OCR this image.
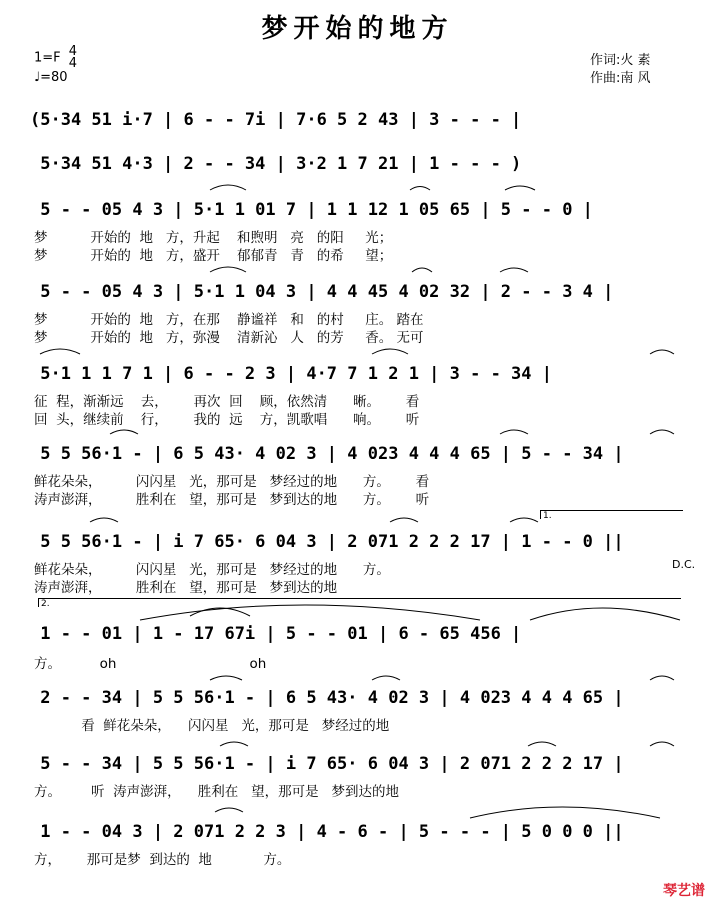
梦开始的地方
1=F 4
4
♩=80
作词:火 素
作曲:南 风
(5·34 51 i·7 | 6 - - 7i | 7·6 5 2 43 | 3 - - - |
5·34 51 4·3 | 2 - - 34 | 3·2 1 7 21 | 1 - - - )
5 - - 05 4 3 | 5·1 1 01 7 | 1 1 12 1 05 65 | 5 - - 0 |
梦          开始的  地   方，升起    和煦明   亮   的阳     光；
梦          开始的  地   方，盛开    郁郁青   青   的希     望；
5 - - 05 4 3 | 5·1 1 04 3 | 4 4 45 4 02 32 | 2 - - 3 4 |
梦          开始的  地   方，在那    静谧祥   和   的村     庄。 踏在
梦          开始的  地   方，弥漫    清新沁   人   的芳     香。 无可
5·1 1 1 7 1 | 6 - - 2 3 | 4·7 7 1 2 1 | 3 - - 34 |
征  程，渐渐远    去，      再次  回    顾，依然清      晰。      看
回  头，继续前    行，      我的  远    方，凯歌唱      响。      听
5 5 56·1 - | 6 5 43· 4 02 3 | 4 023 4 4 4 65 | 5 - - 34 |
鲜花朵朵，        闪闪星   光，那可是   梦经过的地      方。      看
涛声澎湃，        胜利在   望，那可是   梦到达的地      方。      听
1.
5 5 56·1 - | i 7 65· 6 04 3 | 2 071 2 2 2 17 | 1 - - 0 ||
D.C.
鲜花朵朵，        闪闪星   光，那可是   梦经过的地      方。
涛声澎湃，        胜利在   望，那可是   梦到达的地
2.
1 - - 01 | 1 - 17 67i | 5 - - 01 | 6 - 65 456 |
方。         oh                               oh
2 - - 34 | 5 5 56·1 - | 6 5 43· 4 02 3 | 4 023 4 4 4 65 |
看  鲜花朵朵，    闪闪星   光，那可是   梦经过的地
5 - - 34 | 5 5 56·1 - | i 7 65· 6 04 3 | 2 071 2 2 2 17 |
方。       听  涛声澎湃，    胜利在   望，那可是   梦到达的地
1 - - 04 3 | 2 071 2 2 3 | 4 - 6 - | 5 - - - | 5 0 0 0 ||
方，      那可是梦  到达的  地            方。
琴艺谱
